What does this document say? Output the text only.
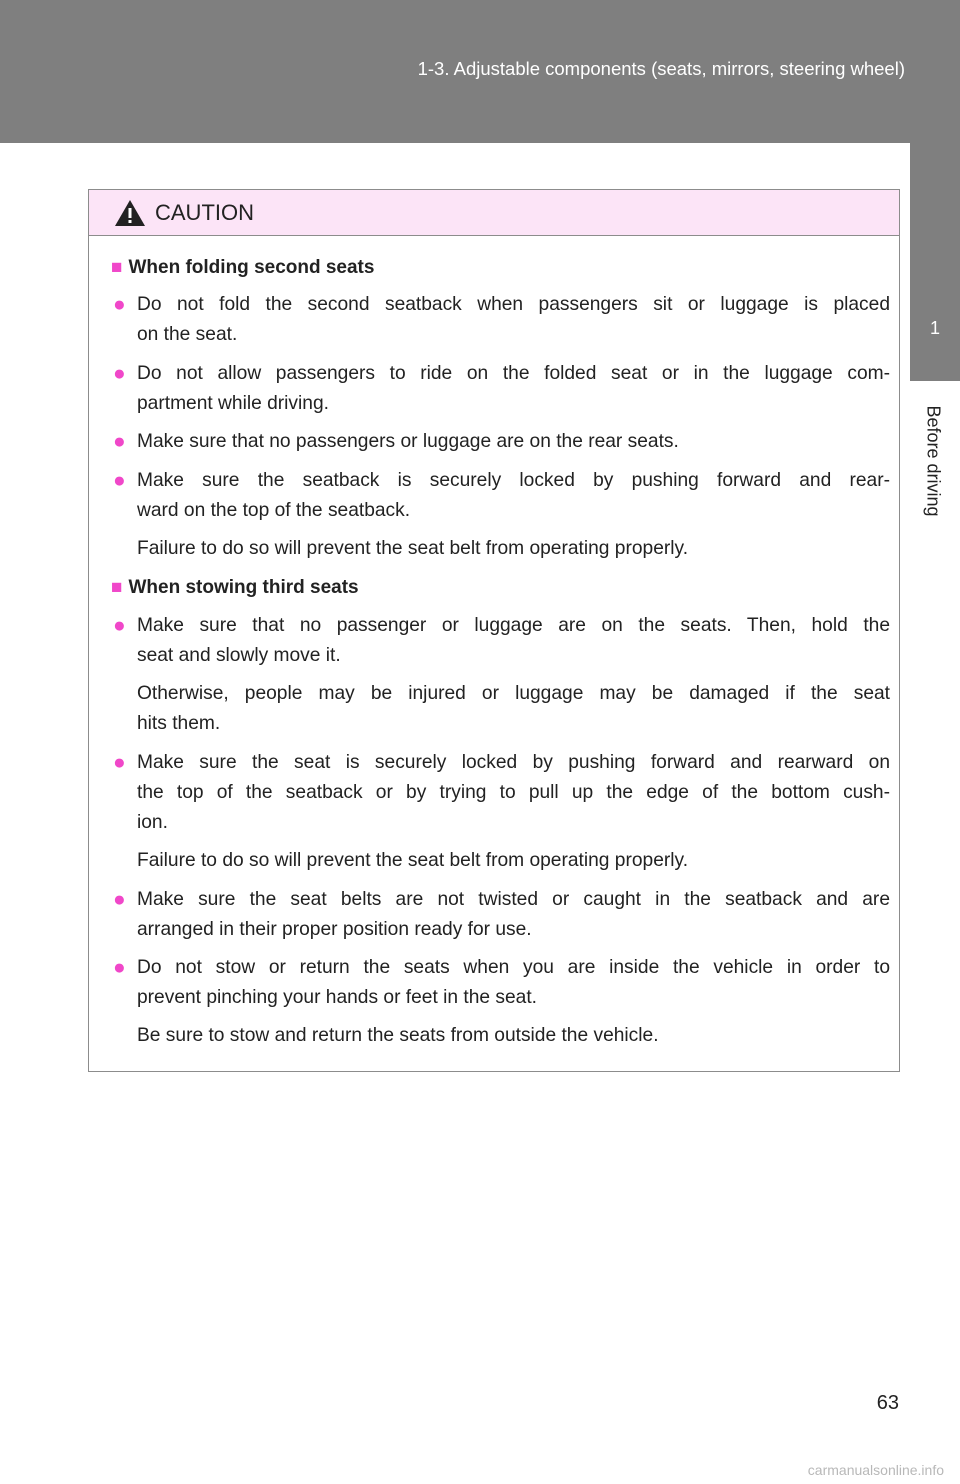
1-3. Adjustable components (seats, mirrors, steering wheel)
1
Before driving
CAUTION
■ When folding second seats
● Do not fold the second seatback when passengers sit or luggage is placed
on the seat.
● Do not allow passengers to ride on the folded seat or in the luggage com-
partment while driving.
● Make sure that no passengers or luggage are on the rear seats.
● Make sure the seatback is securely locked by pushing forward and rear-
ward on the top of the seatback.
Failure to do so will prevent the seat belt from operating properly.
■ When stowing third seats
● Make sure that no passenger or luggage are on the seats. Then, hold the
seat and slowly move it.
Otherwise, people may be injured or luggage may be damaged if the seat
hits them.
● Make sure the seat is securely locked by pushing forward and rearward on
the top of the seatback or by trying to pull up the edge of the bottom cush-
ion.
Failure to do so will prevent the seat belt from operating properly.
● Make sure the seat belts are not twisted or caught in the seatback and are
arranged in their proper position ready for use.
● Do not stow or return the seats when you are inside the vehicle in order to
prevent pinching your hands or feet in the seat.
Be sure to stow and return the seats from outside the vehicle.
63
carmanualsonline.info
